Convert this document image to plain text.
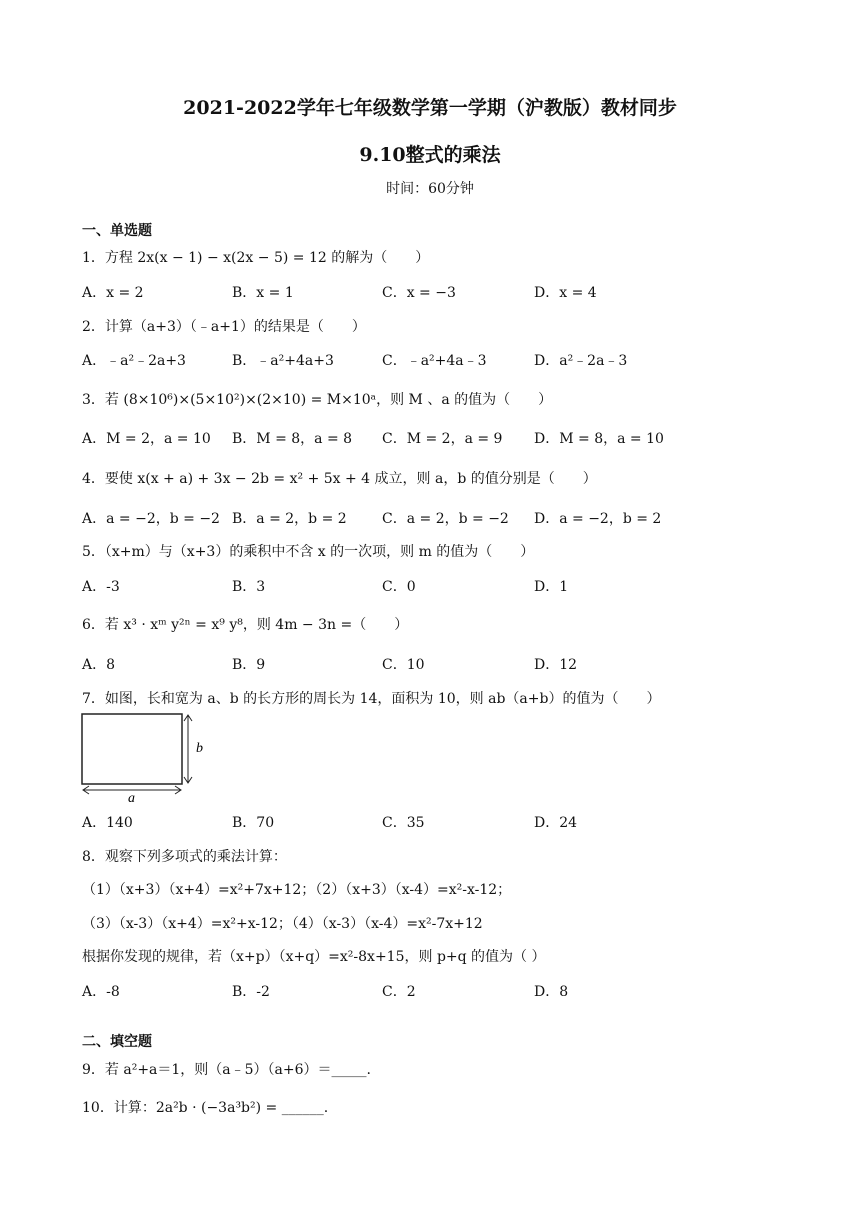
2021-2022学年七年级数学第一学期（沪教版）教材同步
9.10整式的乘法
时间：60分钟
一、单选题
1．方程 2x(x − 1) − x(2x − 5) = 12 的解为（　　）
A．x = 2	B．x = 1	C．x = −3	D．x = 4
2．计算（a+3）（﹣a+1）的结果是（　　）
A．﹣a²﹣2a+3	B．﹣a²+4a+3	C．﹣a²+4a﹣3	D．a²﹣2a﹣3
3．若 (8×10⁶)×(5×10²)×(2×10) = M×10ᵃ，则 M 、a 的值为（　　）
A．M = 2，a = 10 B．M = 8，a = 8 C．M = 2，a = 9 D．M = 8，a = 10
4．要使 x(x + a) + 3x − 2b = x² + 5x + 4 成立，则 a，b 的值分别是（　　）
A．a = −2，b = −2 B．a = 2，b = 2	C．a = 2，b = −2 D．a = −2，b = 2
5．（x+m）与（x+3）的乘积中不含 x 的一次项，则 m 的值为（　　）
A．-3	B．3	C．0	D．1
6．若 x³ · xᵐ y²ⁿ = x⁹ y⁸，则 4m − 3n =（　　）
A．8	B．9	C．10	D．12
7．如图，长和宽为 a、b 的长方形的周长为 14，面积为 10，则 ab（a+b）的值为（　　）
b
a
A．140	B．70	C．35	D．24
8．观察下列多项式的乘法计算：
（1）（x+3）（x+4）=x²+7x+12；（2）（x+3）（x-4）=x²-x-12；
（3）（x-3）（x+4）=x²+x-12；（4）（x-3）（x-4）=x²-7x+12
根据你发现的规律，若（x+p）（x+q）=x²-8x+15，则 p+q 的值为（ ）
A．-8	B．-2	C．2	D．8
二、填空题
9．若 a²+a＝1，则（a﹣5）（a+6）＝_____.
10．计算：2a²b · (−3a³b²) = ______.
